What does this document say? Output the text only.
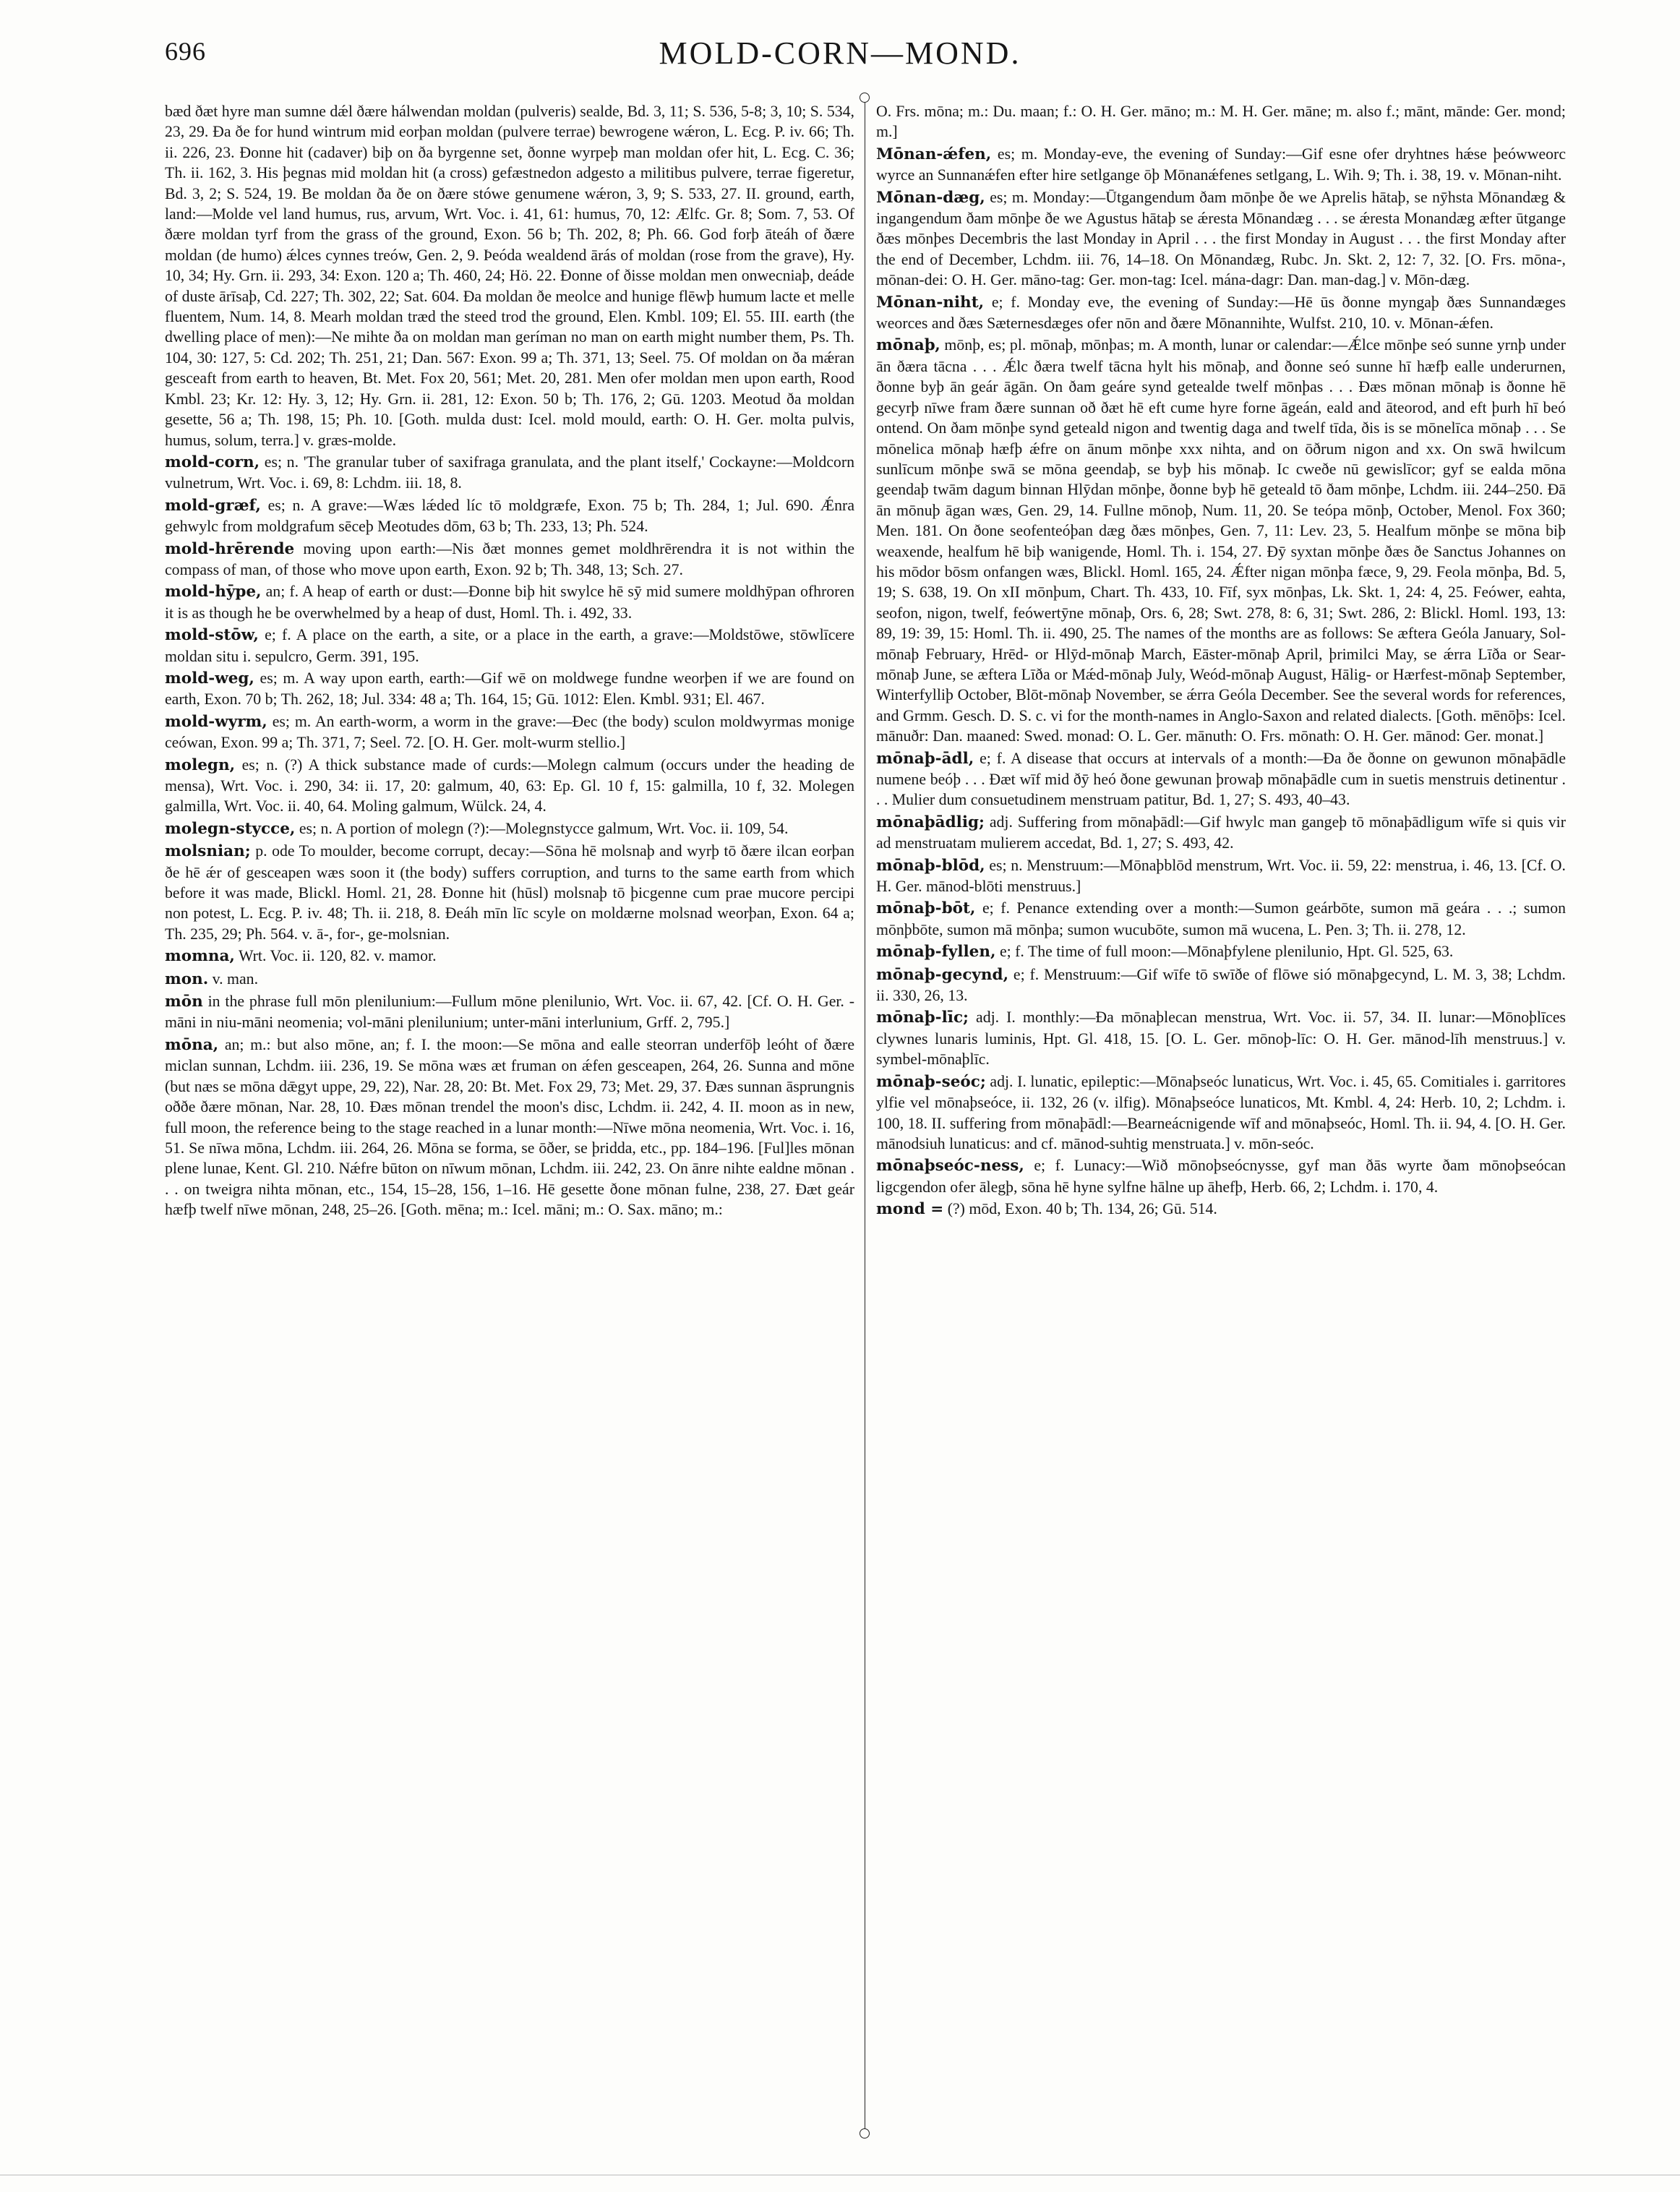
696	MOLD-CORN—MOND.

bæd ðæt hyre man sumne dǽl ðære hálwendan moldan (pulveris) sealde, Bd. 3, 11; S. 536, 5-8; 3, 10; S. 534, 23, 29. Ða ðe for hund wintrum mid eorþan moldan (pulvere terrae) bewrogene wǽron, L. Ecg. P. iv. 66; Th. ii. 226, 23. Ðonne hit (cadaver) biþ on ða byrgenne set, ðonne wyrpeþ man moldan ofer hit, L. Ecg. C. 36; Th. ii. 162, 3. His þegnas mid moldan hit (a cross) gefæstnedon adgesto a militibus pulvere, terrae figeretur, Bd. 3, 2; S. 524, 19. Be moldan ða ðe on ðære stówe genumene wǽron, 3, 9; S. 533, 27. II. ground, earth, land:—Molde vel land humus, rus, arvum, Wrt. Voc. i. 41, 61: humus, 70, 12: Ælfc. Gr. 8; Som. 7, 53. Of ðære moldan tyrf from the grass of the ground, Exon. 56 b; Th. 202, 8; Ph. 66. God forþ āteáh of ðære moldan (de humo) ǽlces cynnes treów, Gen. 2, 9. Þeóda wealdend ārás of moldan (rose from the grave), Hy. 10, 34; Hy. Grn. ii. 293, 34: Exon. 120 a; Th. 460, 24; Hö. 22. Ðonne of ðisse moldan men onwecniaþ, deáde of duste ārīsaþ, Cd. 227; Th. 302, 22; Sat. 604. Ða moldan ðe meolce and hunige flēwþ humum lacte et melle fluentem, Num. 14, 8. Mearh moldan træd the steed trod the ground, Elen. Kmbl. 109; El. 55. III. earth (the dwelling place of men):—Ne mihte ða on moldan man geríman no man on earth might number them, Ps. Th. 104, 30: 127, 5: Cd. 202; Th. 251, 21; Dan. 567: Exon. 99 a; Th. 371, 13; Seel. 75. Of moldan on ða mǽran gesceaft from earth to heaven, Bt. Met. Fox 20, 561; Met. 20, 281. Men ofer moldan men upon earth, Rood Kmbl. 23; Kr. 12: Hy. 3, 12; Hy. Grn. ii. 281, 12: Exon. 50 b; Th. 176, 2; Gū. 1203. Meotud ða moldan gesette, 56 a; Th. 198, 15; Ph. 10. [Goth. mulda dust: Icel. mold mould, earth: O. H. Ger. molta pulvis, humus, solum, terra.] v. græs-molde.

mold-corn, es; n. 'The granular tuber of saxifraga granulata, and the plant itself,' Cockayne:—Moldcorn vulnetrum, Wrt. Voc. i. 69, 8: Lchdm. iii. 18, 8.

mold-græf, es; n. A grave:—Wæs lǽded líc tō moldgræfe, Exon. 75 b; Th. 284, 1; Jul. 690. Ǽnra gehwylc from moldgrafum sēceþ Meotudes dōm, 63 b; Th. 233, 13; Ph. 524.

mold-hrērende moving upon earth:—Nis ðæt monnes gemet moldhrērendra it is not within the compass of man, of those who move upon earth, Exon. 92 b; Th. 348, 13; Sch. 27.

mold-hȳpe, an; f. A heap of earth or dust:—Ðonne biþ hit swylce hē sȳ mid sumere moldhȳpan ofhroren it is as though he be overwhelmed by a heap of dust, Homl. Th. i. 492, 33.

mold-stōw, e; f. A place on the earth, a site, or a place in the earth, a grave:—Moldstōwe, stōwlīcere moldan situ i. sepulcro, Germ. 391, 195.

mold-weg, es; m. A way upon earth, earth:—Gif wē on moldwege fundne weorþen if we are found on earth, Exon. 70 b; Th. 262, 18; Jul. 334: 48 a; Th. 164, 15; Gū. 1012: Elen. Kmbl. 931; El. 467.

mold-wyrm, es; m. An earth-worm, a worm in the grave:—Ðec (the body) sculon moldwyrmas monige ceówan, Exon. 99 a; Th. 371, 7; Seel. 72. [O. H. Ger. molt-wurm stellio.]

molegn, es; n. (?) A thick substance made of curds:—Molegn calmum (occurs under the heading de mensa), Wrt. Voc. i. 290, 34: ii. 17, 20: galmum, 40, 63: Ep. Gl. 10 f, 15: galmilla, 10 f, 32. Molegen galmilla, Wrt. Voc. ii. 40, 64. Moling galmum, Wülck. 24, 4.

molegn-stycce, es; n. A portion of molegn (?):—Molegnstycce galmum, Wrt. Voc. ii. 109, 54.

molsnian; p. ode To moulder, become corrupt, decay:—Sōna hē molsnaþ and wyrþ tō ðære ilcan eorþan ðe hē ǽr of gesceapen wæs soon it (the body) suffers corruption, and turns to the same earth from which before it was made, Blickl. Homl. 21, 28. Ðonne hit (hūsl) molsnaþ tō þicgenne cum prae mucore percipi non potest, L. Ecg. P. iv. 48; Th. ii. 218, 8. Ðeáh mīn līc scyle on moldærne molsnad weorþan, Exon. 64 a; Th. 235, 29; Ph. 564. v. ā-, for-, ge-molsnian.

momna, Wrt. Voc. ii. 120, 82. v. mamor.

mon. v. man.

mōn in the phrase full mōn plenilunium:—Fullum mōne plenilunio, Wrt. Voc. ii. 67, 42. [Cf. O. H. Ger. -māni in niu-māni neomenia; vol-māni plenilunium; unter-māni interlunium, Grff. 2, 795.]

mōna, an; m.: but also mōne, an; f. I. the moon:—Se mōna and ealle steorran underfōþ leóht of ðære miclan sunnan, Lchdm. iii. 236, 19. Se mōna wæs æt fruman on ǽfen gesceapen, 264, 26. Sunna and mōne (but næs se mōna dǣgyt uppe, 29, 22), Nar. 28, 20: Bt. Met. Fox 29, 73; Met. 29, 37. Ðæs sunnan āsprungnis oððe ðære mōnan, Nar. 28, 10. Ðæs mōnan trendel the moon's disc, Lchdm. ii. 242, 4. II. moon as in new, full moon, the reference being to the stage reached in a lunar month:—Nīwe mōna neomenia, Wrt. Voc. i. 16, 51. Se nīwa mōna, Lchdm. iii. 264, 26. Mōna se forma, se ōðer, se þridda, etc., pp. 184–196. [Ful]les mōnan plene lunae, Kent. Gl. 210. Nǽfre būton on nīwum mōnan, Lchdm. iii. 242, 23. On ānre nihte ealdne mōnan . . . on tweigra nihta mōnan, etc., 154, 15–28, 156, 1–16. Hē gesette ðone mōnan fulne, 238, 27. Ðæt geár hæfþ twelf nīwe mōnan, 248, 25–26. [Goth. mēna; m.: Icel. māni; m.: O. Sax. māno; m.:

O. Frs. mōna; m.: Du. maan; f.: O. H. Ger. māno; m.: M. H. Ger. māne; m. also f.; mānt, mānde: Ger. mond; m.]

Mōnan-ǽfen, es; m. Monday-eve, the evening of Sunday:—Gif esne ofer dryhtnes hǽse þeówweorc wyrce an Sunnanǽfen efter hire setlgange ōþ Mōnanǽfenes setlgang, L. Wih. 9; Th. i. 38, 19. v. Mōnan-niht.

Mōnan-dæg, es; m. Monday:—Ūtgangendum ðam mōnþe ðe we Aprelis hātaþ, se nȳhsta Mōnandæg & ingangendum ðam mōnþe ðe we Agustus hātaþ se ǽresta Mōnandæg . . . se ǽresta Monandæg æfter ūtgange ðæs mōnþes Decembris the last Monday in April . . . the first Monday in August . . . the first Monday after the end of December, Lchdm. iii. 76, 14–18. On Mōnandæg, Rubc. Jn. Skt. 2, 12: 7, 32. [O. Frs. mōna-, mōnan-dei: O. H. Ger. māno-tag: Ger. mon-tag: Icel. mána-dagr: Dan. man-dag.] v. Mōn-dæg.

Mōnan-niht, e; f. Monday eve, the evening of Sunday:—Hē ūs ðonne myngaþ ðæs Sunnandæges weorces and ðæs Sæternesdæges ofer nōn and ðære Mōnannihte, Wulfst. 210, 10. v. Mōnan-ǽfen.

mōnaþ, mōnþ, es; pl. mōnaþ, mōnþas; m. A month, lunar or calendar:—Ǽlce mōnþe seó sunne yrnþ under ān ðæra tācna . . . Ǽlc ðæra twelf tācna hylt his mōnaþ, and ðonne seó sunne hī hæfþ ealle underurnen, ðonne byþ ān geár āgān. On ðam geáre synd getealde twelf mōnþas . . . Ðæs mōnan mōnaþ is ðonne hē gecyrþ nīwe fram ðære sunnan oð ðæt hē eft cume hyre forne āgeán, eald and āteorod, and eft þurh hī beó ontend. On ðam mōnþe synd geteald nigon and twentig daga and twelf tīda, ðis is se mōnelīca mōnaþ . . . Se mōnelica mōnaþ hæfþ ǽfre on ānum mōnþe xxx nihta, and on ōðrum nigon and xx. On swā hwilcum sunlīcum mōnþe swā se mōna geendaþ, se byþ his mōnaþ. Ic cweðe nū gewislīcor; gyf se ealda mōna geendaþ twām dagum binnan Hlȳdan mōnþe, ðonne byþ hē geteald tō ðam mōnþe, Lchdm. iii. 244–250. Ðā ān mōnuþ āgan wæs, Gen. 29, 14. Fullne mōnoþ, Num. 11, 20. Se teópa mōnþ, October, Menol. Fox 360; Men. 181. On ðone seofenteóþan dæg ðæs mōnþes, Gen. 7, 11: Lev. 23, 5. Healfum mōnþe se mōna biþ weaxende, healfum hē biþ wanigende, Homl. Th. i. 154, 27. Ðȳ syxtan mōnþe ðæs ðe Sanctus Johannes on his mōdor bōsm onfangen wæs, Blickl. Homl. 165, 24. Ǽfter nigan mōnþa fæce, 9, 29. Feola mōnþa, Bd. 5, 19; S. 638, 19. On xII mōnþum, Chart. Th. 433, 10. Fīf, syx mōnþas, Lk. Skt. 1, 24: 4, 25. Feówer, eahta, seofon, nigon, twelf, feówertȳne mōnaþ, Ors. 6, 28; Swt. 278, 8: 6, 31; Swt. 286, 2: Blickl. Homl. 193, 13: 89, 19: 39, 15: Homl. Th. ii. 490, 25. The names of the months are as follows: Se æftera Geóla January, Sol-mōnaþ February, Hrēd- or Hlȳd-mōnaþ March, Eāster-mōnaþ April, þrimilci May, se ǽrra Līða or Sear-mōnaþ June, se æftera Līða or Mǽd-mōnaþ July, Weód-mōnaþ August, Hālig- or Hærfest-mōnaþ September, Winterfylliþ October, Blōt-mōnaþ November, se ǽrra Geóla December. See the several words for references, and Grmm. Gesch. D. S. c. vi for the month-names in Anglo-Saxon and related dialects. [Goth. mēnōþs: Icel. mānuðr: Dan. maaned: Swed. monad: O. L. Ger. mānuth: O. Frs. mōnath: O. H. Ger. mānod: Ger. monat.]

mōnaþ-ādl, e; f. A disease that occurs at intervals of a month:—Ða ðe ðonne on gewunon mōnaþādle numene beóþ . . . Ðæt wīf mid ðȳ heó ðone gewunan þrowaþ mōnaþādle cum in suetis menstruis detinentur . . . Mulier dum consuetudinem menstruam patitur, Bd. 1, 27; S. 493, 40–43.

mōnaþādlig; adj. Suffering from mōnaþādl:—Gif hwylc man gangeþ tō mōnaþādligum wīfe si quis vir ad menstruatam mulierem accedat, Bd. 1, 27; S. 493, 42.

mōnaþ-blōd, es; n. Menstruum:—Mōnaþblōd menstrum, Wrt. Voc. ii. 59, 22: menstrua, i. 46, 13. [Cf. O. H. Ger. mānod-blōti menstruus.]

mōnaþ-bōt, e; f. Penance extending over a month:—Sumon geárbōte, sumon mā geára . . .; sumon mōnþbōte, sumon mā mōnþa; sumon wucubōte, sumon mā wucena, L. Pen. 3; Th. ii. 278, 12.

mōnaþ-fyllen, e; f. The time of full moon:—Mōnaþfylene plenilunio, Hpt. Gl. 525, 63.

mōnaþ-gecynd, e; f. Menstruum:—Gif wīfe tō swīðe of flōwe sió mōnaþgecynd, L. M. 3, 38; Lchdm. ii. 330, 26, 13.

mōnaþ-līc; adj. I. monthly:—Ða mōnaþlecan menstrua, Wrt. Voc. ii. 57, 34. II. lunar:—Mōnoþlīces clywnes lunaris luminis, Hpt. Gl. 418, 15. [O. L. Ger. mōnoþ-līc: O. H. Ger. mānod-līh menstruus.] v. symbel-mōnaþlīc.

mōnaþ-seóc; adj. I. lunatic, epileptic:—Mōnaþseóc lunaticus, Wrt. Voc. i. 45, 65. Comitiales i. garritores ylfie vel mōnaþseóce, ii. 132, 26 (v. ilfig). Mōnaþseóce lunaticos, Mt. Kmbl. 4, 24: Herb. 10, 2; Lchdm. i. 100, 18. II. suffering from mōnaþādl:—Bearneácnigende wīf and mōnaþseóc, Homl. Th. ii. 94, 4. [O. H. Ger. mānodsiuh lunaticus: and cf. mānod-suhtig menstruata.] v. mōn-seóc.

mōnaþseóc-ness, e; f. Lunacy:—Wið mōnoþseócnysse, gyf man ðās wyrte ðam mōnoþseócan ligcgendon ofer ālegþ, sōna hē hyne sylfne hālne up āhefþ, Herb. 66, 2; Lchdm. i. 170, 4.

mond = (?) mōd, Exon. 40 b; Th. 134, 26; Gū. 514.
